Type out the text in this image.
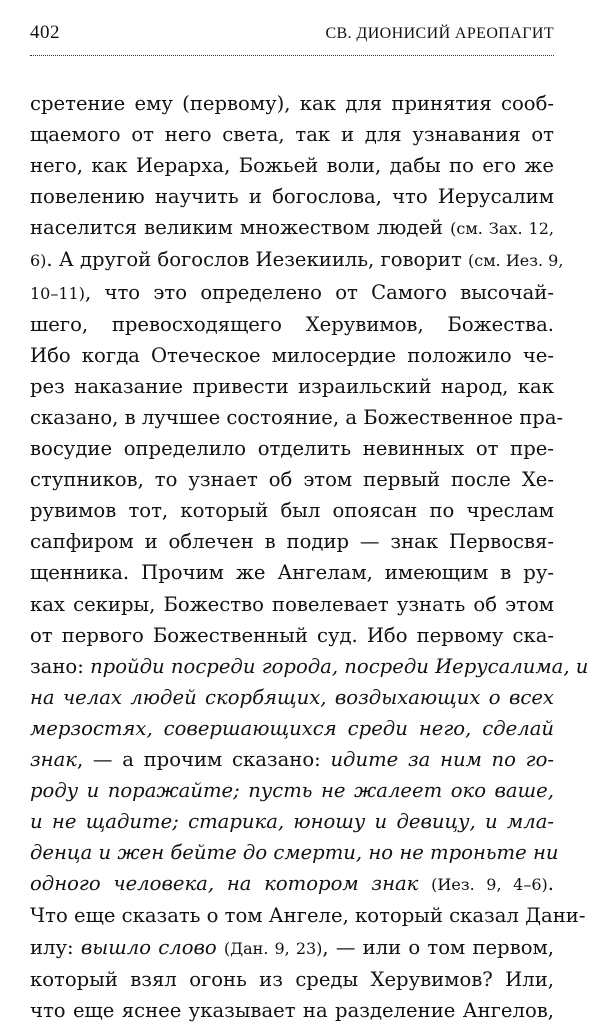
402	СВ. ДИОНИСИЙ АРЕОПАГИТ
сретение ему (первому), как для принятия сооб-
щаемого от него света, так и для узнавания от
него, как Иерарха, Божьей воли, дабы по его же
повелению научить и богослова, что Иерусалим
населится великим множеством людей (см. Зах. 12,
6). А другой богослов Иезекииль, говорит (см. Иез. 9,
10–11), что это определено от Самого высочай-
шего, превосходящего Херувимов, Божества.
Ибо когда Отеческое милосердие положило че-
рез наказание привести израильский народ, как
сказано, в лучшее состояние, а Божественное пра-
восудие определило отделить невинных от пре-
ступников, то узнает об этом первый после Хе-
рувимов тот, который был опоясан по чреслам
сапфиром и облечен в подир — знак Первосвя-
щенника. Прочим же Ангелам, имеющим в ру-
ках секиры, Божество повелевает узнать об этом
от первого Божественный суд. Ибо первому ска-
зано: пройди посреди города, посреди Иерусалима, и
на челах людей скорбящих, воздыхающих о всех
мерзостях, совершающихся среди него, сделай
знак, — а прочим сказано: идите за ним по го-
роду и поражайте; пусть не жалеет око ваше,
и не щадите; старика, юношу и девицу, и мла-
денца и жен бейте до смерти, но не троньте ни
одного человека, на котором знак (Иез. 9, 4–6).
Что еще сказать о том Ангеле, который сказал Дани-
илу: вышло слово (Дан. 9, 23), — или о том первом,
который взял огонь из среды Херувимов? Или,
что еще яснее указывает на разделение Ангелов,
